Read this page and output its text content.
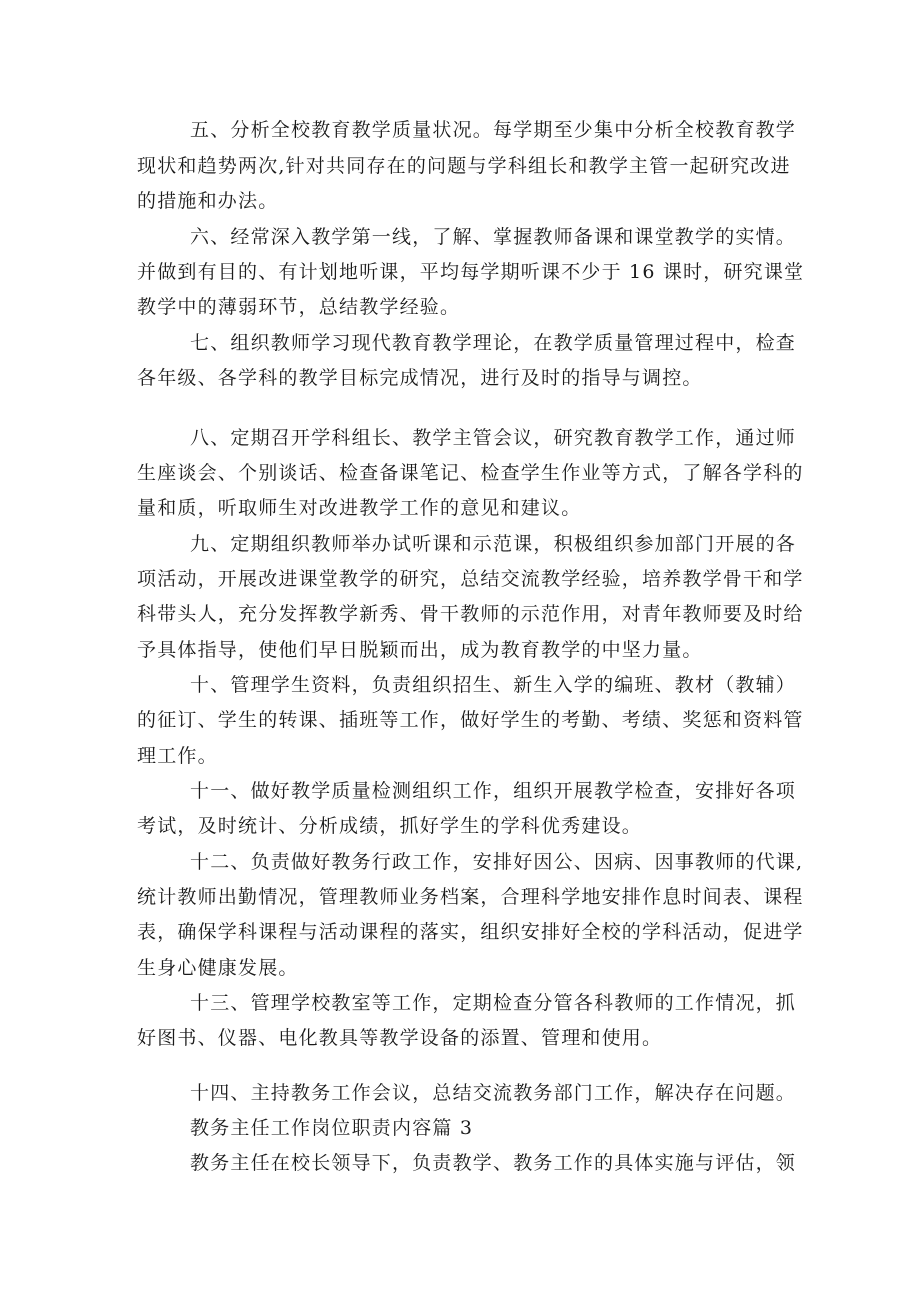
五、分析全校教育教学质量状况。每学期至少集中分析全校教育教学
现状和趋势两次,针对共同存在的问题与学科组长和教学主管一起研究改进
的措施和办法。
六、经常深入教学第一线，了解、掌握教师备课和课堂教学的实情。
并做到有目的、有计划地听课，平均每学期听课不少于 16 课时，研究课堂
教学中的薄弱环节，总结教学经验。
七、组织教师学习现代教育教学理论，在教学质量管理过程中，检查
各年级、各学科的教学目标完成情况，进行及时的指导与调控。
八、定期召开学科组长、教学主管会议，研究教育教学工作，通过师
生座谈会、个别谈话、检查备课笔记、检查学生作业等方式，了解各学科的
量和质，听取师生对改进教学工作的意见和建议。
九、定期组织教师举办试听课和示范课，积极组织参加部门开展的各
项活动，开展改进课堂教学的研究，总结交流教学经验，培养教学骨干和学
科带头人，充分发挥教学新秀、骨干教师的示范作用，对青年教师要及时给
予具体指导，使他们早日脱颖而出，成为教育教学的中坚力量。
十、管理学生资料，负责组织招生、新生入学的编班、教材（教辅）
的征订、学生的转课、插班等工作，做好学生的考勤、考绩、奖惩和资料管
理工作。
十一、做好教学质量检测组织工作，组织开展教学检查，安排好各项
考试，及时统计、分析成绩，抓好学生的学科优秀建设。
十二、负责做好教务行政工作，安排好因公、因病、因事教师的代课,
统计教师出勤情况，管理教师业务档案，合理科学地安排作息时间表、课程
表，确保学科课程与活动课程的落实，组织安排好全校的学科活动，促进学
生身心健康发展。
十三、管理学校教室等工作，定期检查分管各科教师的工作情况，抓
好图书、仪器、电化教具等教学设备的添置、管理和使用。
十四、主持教务工作会议，总结交流教务部门工作，解决存在问题。
教务主任工作岗位职责内容篇 3
教务主任在校长领导下，负责教学、教务工作的具体实施与评估，领
